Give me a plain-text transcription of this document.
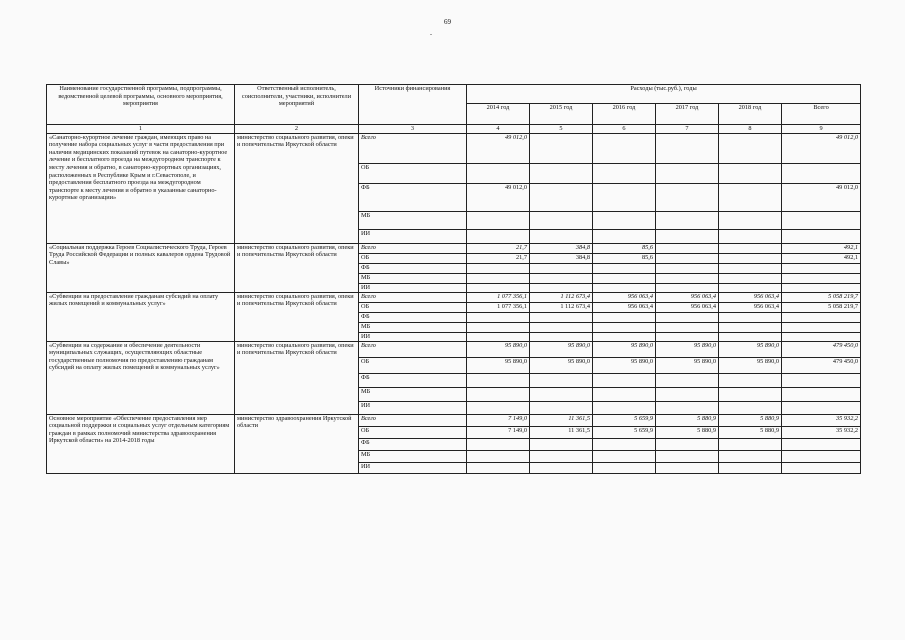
69
.
Наименование государственной программы, подпрограммы, ведомственной целевой программы, основного мероприятия, мероприятия	Ответственный исполнитель, соисполнители, участники, исполнители мероприятий	Источники финансирования	Расходы (тыс.руб.), годы					
			2014 год	2015 год	2016 год	2017 год	2018 год	Всего
1	2	3	4	5	6	7	8	9
«Санаторно-курортное лечение граждан, имеющих право на получение набора социальных услуг в части предоставления при наличии медицинских показаний путевок на санаторно-курортное лечение и бесплатного проезда на междугородном транспорте к месту лечения и обратно, в санаторно-курортных организациях, расположенных в Республике Крым и г.Севастополе, и предоставления бесплатного проезда на междугородном транспорте к месту лечения и обратно в указанные санаторно-курортные организации»	министерство социального развития, опеки и попечительства Иркутской области	Всего	49 012,0					49 012,0
		ОБ						
		ФБ	49 012,0					49 012,0
		МБ						
		ИИ						
«Социальная поддержка Героев Социалистического Труда, Героев Труда Российской Федерации и полных кавалеров ордена Трудовой Славы»	министерство социального развития, опеки и попечительства Иркутской области	Всего	21,7	384,8	85,6			492,1
		ОБ	21,7	384,8	85,6			492,1
		ФБ						
		МБ						
		ИИ						
«Субвенции на предоставление гражданам субсидий на оплату жилых помещений и коммунальных услуг»	министерство социального развития, опеки и попечительства Иркутской области	Всего	1 077 356,1	1 112 673,4	956 063,4	956 063,4	956 063,4	5 058 219,7
		ОБ	1 077 356,1	1 112 673,4	956 063,4	956 063,4	956 063,4	5 058 219,7
		ФБ						
		МБ						
		ИИ						
«Субвенции на содержание и обеспечение деятельности муниципальных служащих, осуществляющих областные государственные полномочия по предоставлению гражданам субсидий на оплату жилых помещений и коммунальных услуг»	министерство социального развития, опеки и попечительства Иркутской области	Всего	95 890,0	95 890,0	95 890,0	95 890,0	95 890,0	479 450,0
		ОБ	95 890,0	95 890,0	95 890,0	95 890,0	95 890,0	479 450,0
		ФБ						
		МБ						
		ИИ						
Основное мероприятие «Обеспечение предоставления мер социальной поддержки и социальных услуг отдельным категориям граждан в рамках полномочий министерства здравоохранения Иркутской области» на 2014-2018 годы	министерство здравоохранения Иркутской области	Всего	7 149,0	11 361,5	5 659,9	5 880,9	5 880,9	35 932,2
		ОБ	7 149,0	11 361,5	5 659,9	5 880,9	5 880,9	35 932,2
		ФБ						
		МБ						
		ИИ						
